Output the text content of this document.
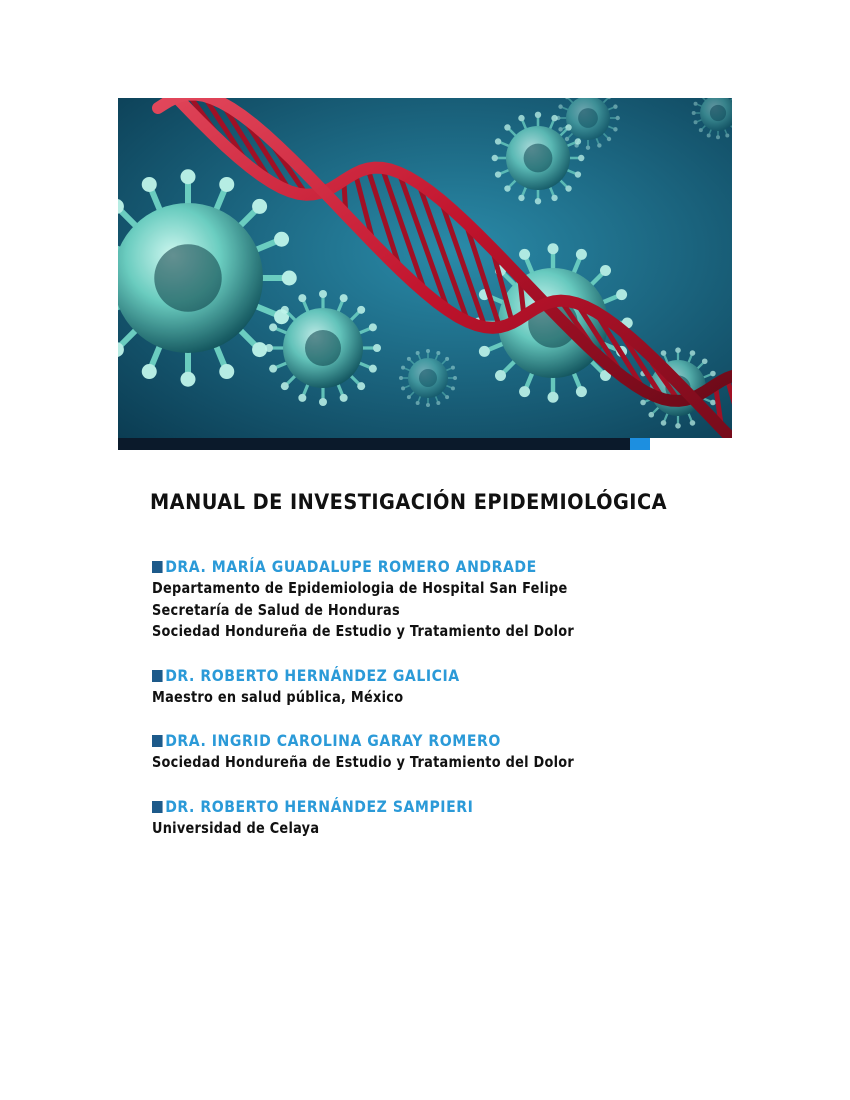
MANUAL DE INVESTIGACIÓN EPIDEMIOLÓGICA
DRA. MARÍA GUADALUPE ROMERO ANDRADE
Departamento de Epidemiologia de Hospital San Felipe
Secretaría de Salud de Honduras
Sociedad Hondureña de Estudio y Tratamiento del Dolor
DR. ROBERTO HERNÁNDEZ GALICIA
Maestro en salud pública, México
DRA. INGRID CAROLINA GARAY ROMERO
Sociedad Hondureña de Estudio y Tratamiento del Dolor
DR. ROBERTO HERNÁNDEZ SAMPIERI
Universidad de Celaya
